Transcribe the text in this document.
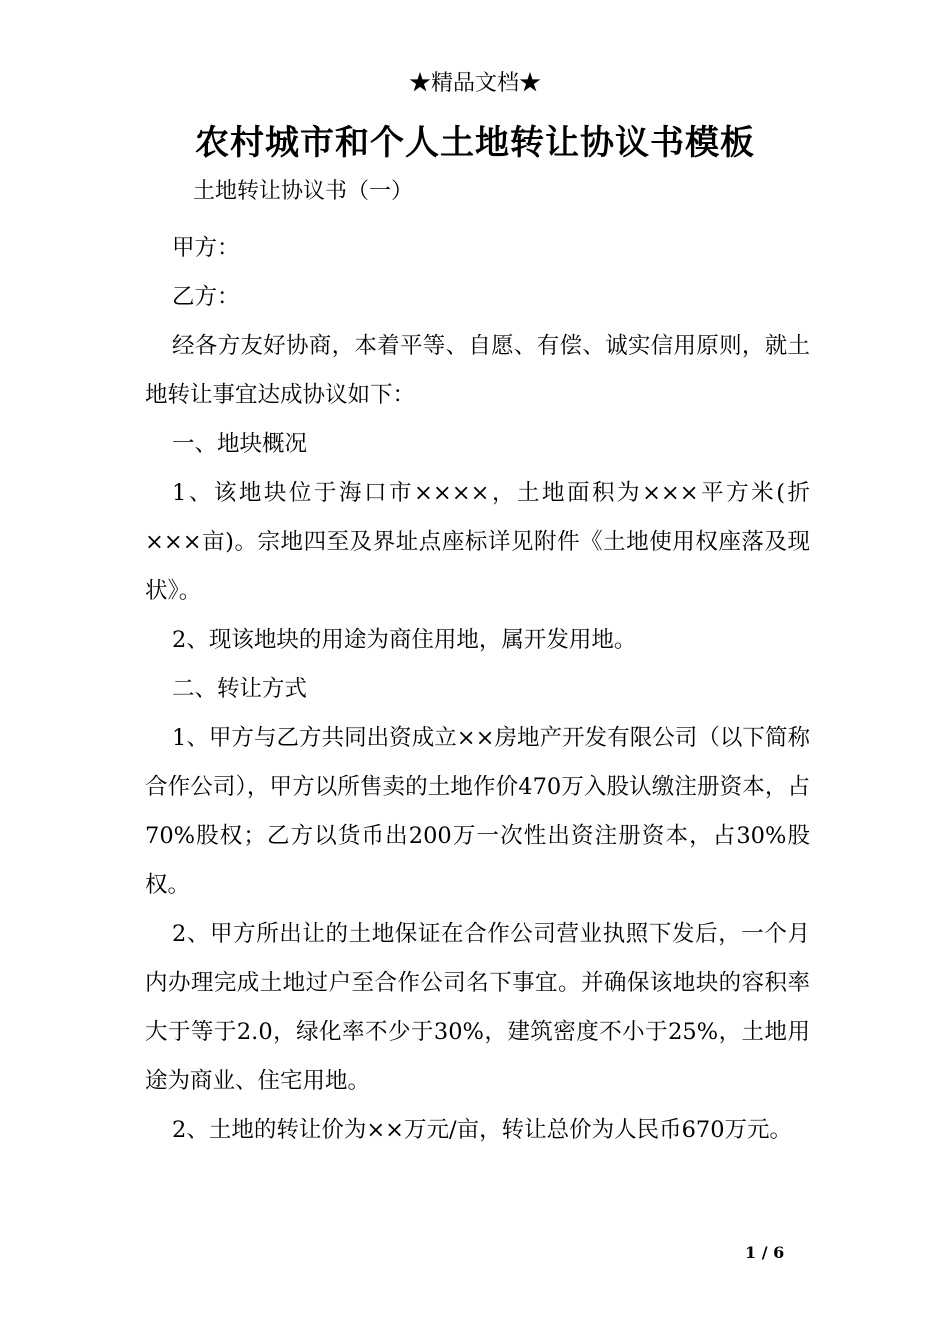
★精品文档★
农村城市和个人土地转让协议书模板
土地转让协议书（一）

甲方：

乙方：

经各方友好协商，本着平等、自愿、有偿、诚实信用原则，就土地转让事宜达成协议如下：

一、地块概况

1、该地块位于海口市××××，土地面积为×××平方米(折×××亩)。宗地四至及界址点座标详见附件《土地使用权座落及现状》。

2、现该地块的用途为商住用地，属开发用地。

二、转让方式

1、甲方与乙方共同出资成立××房地产开发有限公司（以下简称合作公司），甲方以所售卖的土地作价470万入股认缴注册资本，占70%股权；乙方以货币出200万一次性出资注册资本，占30%股权。

2、甲方所出让的土地保证在合作公司营业执照下发后，一个月内办理完成土地过户至合作公司名下事宜。并确保该地块的容积率大于等于2.0，绿化率不少于30%，建筑密度不小于25%，土地用途为商业、住宅用地。

2、土地的转让价为××万元/亩，转让总价为人民币670万元。

1 / 6
